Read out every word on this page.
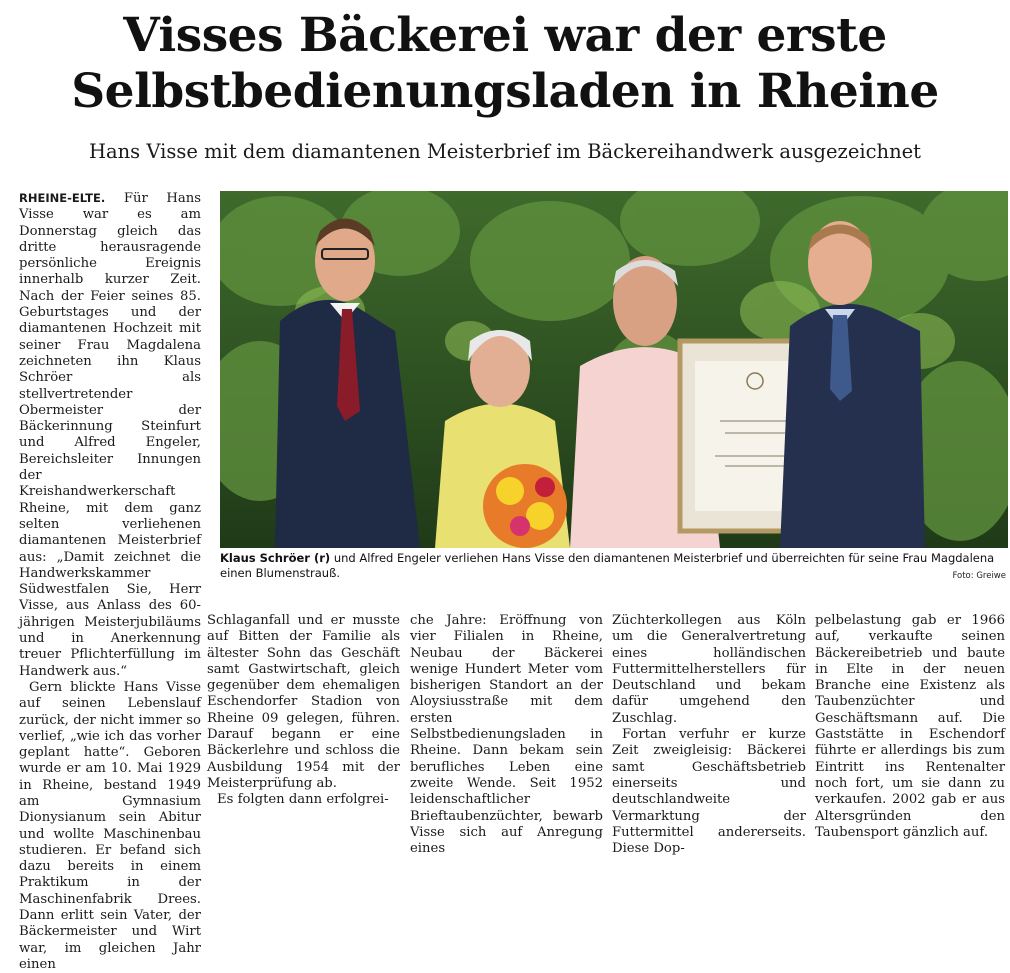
Visses Bäckerei war der erste
Selbstbedienungsladen in Rheine

Hans Visse mit dem diamantenen Meisterbrief im Bäckereihandwerk ausgezeichnet

RHEINE-ELTE. Für Hans Visse war es am Donnerstag gleich das dritte herausragende persönliche Ereignis innerhalb kurzer Zeit. Nach der Feier seines 85. Geburtstages und der diamantenen Hochzeit mit seiner Frau Magdalena zeichneten ihn Klaus Schröer als stellvertretender Obermeister der Bäckerinnung Steinfurt und Alfred Engeler, Bereichsleiter Innungen der Kreishandwerkerschaft Rheine, mit dem ganz selten verliehenen diamantenen Meisterbrief aus: „Damit zeichnet die Handwerkskammer Südwestfalen Sie, Herr Visse, aus Anlass des 60-jährigen Meisterjubiläums und in Anerkennung treuer Pflichterfüllung im Handwerk aus.“

Gern blickte Hans Visse auf seinen Lebenslauf zurück, der nicht immer so verlief, „wie ich das vorher geplant hatte“. Geboren wurde er am 10. Mai 1929 in Rheine, bestand 1949 am Gymnasium Dionysianum sein Abitur und wollte Maschinenbau studieren. Er befand sich dazu bereits in einem Praktikum in der Maschinenfabrik Drees. Dann erlitt sein Vater, der Bäckermeister und Wirt war, im gleichen Jahr einen

Klaus Schröer (r) und Alfred Engeler verliehen Hans Visse den diamantenen Meisterbrief und überreichten für seine Frau Magdalena einen Blumenstrauß.	Foto: Greiwe

Schlaganfall und er musste auf Bitten der Familie als ältester Sohn das Geschäft samt Gastwirtschaft, gleich gegenüber dem ehemaligen Eschendorfer Stadion von Rheine 09 gelegen, führen. Darauf begann er eine Bäckerlehre und schloss die Ausbildung 1954 mit der Meisterprüfung ab.

Es folgten dann erfolgrei-

che Jahre: Eröffnung von vier Filialen in Rheine, Neubau der Bäckerei wenige Hundert Meter vom bisherigen Standort an der Aloysiusstraße mit dem ersten Selbstbedienungsladen in Rheine. Dann bekam sein berufliches Leben eine zweite Wende. Seit 1952 leidenschaftlicher Brieftaubenzüchter, bewarb Visse sich auf Anregung eines

Züchterkollegen aus Köln um die Generalvertretung eines holländischen Futtermittelherstellers für Deutschland und bekam dafür umgehend den Zuschlag.

Fortan verfuhr er kurze Zeit zweigleisig: Bäckerei samt Geschäftsbetrieb einerseits und deutschlandweite Vermarktung der Futtermittel andererseits. Diese Dop-

pelbelastung gab er 1966 auf, verkaufte seinen Bäckereibetrieb und baute in Elte in der neuen Branche eine Existenz als Taubenzüchter und Geschäftsmann auf. Die Gaststätte in Eschendorf führte er allerdings bis zum Eintritt ins Rentenalter noch fort, um sie dann zu verkaufen. 2002 gab er aus Altersgründen den Taubensport gänzlich auf.
